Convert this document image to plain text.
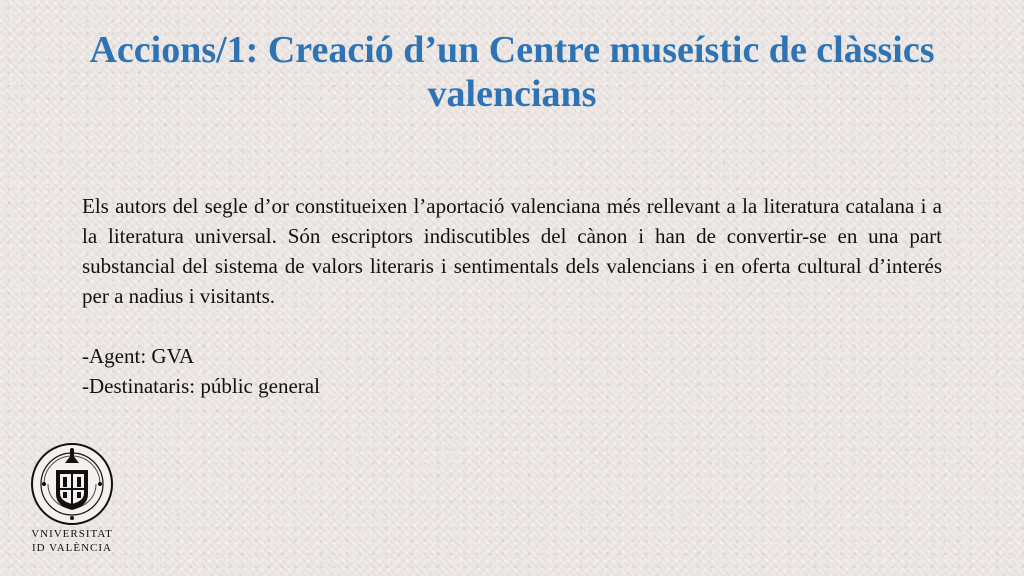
Accions/1: Creació d’un Centre museístic de clàssics valencians

Els autors del segle d’or constitueixen l’aportació valenciana més rellevant a la literatura catalana i a la literatura universal. Són escriptors indiscutibles del cànon i han de convertir-se en una part substancial del sistema de valors literaris i sentimentals dels valencians i en oferta cultural d’interés per a nadius i visitants.

-Agent: GVA

-Destinataris: públic general

VNIVERSITAT
ID VALÈNCIA
